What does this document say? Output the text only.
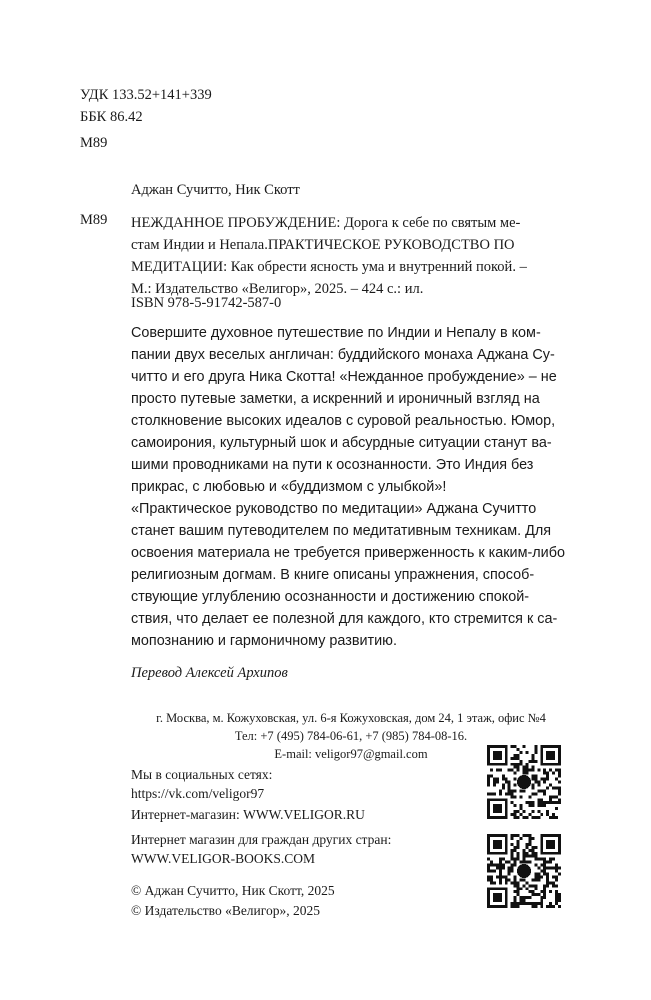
УДК 133.52+141+339
ББК 86.42
М89
Аджан Сучитто, Ник Скотт
М89 НЕЖДАННОЕ ПРОБУЖДЕНИЕ: Дорога к себе по святым ме-
стам Индии и Непала.ПРАКТИЧЕСКОЕ РУКОВОДСТВО ПО
МЕДИТАЦИИ: Как обрести ясность ума и внутренний покой. –
М.: Издательство «Велигор», 2025. – 424 с.: ил.
ISBN 978-5-91742-587-0
Совершите духовное путешествие по Индии и Непалу в ком-
пании двух веселых англичан: буддийского монаха Аджана Су-
читто и его друга Ника Скотта! «Нежданное пробуждение» – не
просто путевые заметки, а искренний и ироничный взгляд на
столкновение высоких идеалов с суровой реальностью. Юмор,
самоирония, культурный шок и абсурдные ситуации станут ва-
шими проводниками на пути к осознанности. Это Индия без
прикрас, с любовью и «буддизмом с улыбкой»!
«Практическое руководство по медитации» Аджана Сучитто
станет вашим путеводителем по медитативным техникам. Для
освоения материала не требуется приверженность к каким-либо
религиозным догмам. В книге описаны упражнения, способ-
ствующие углублению осознанности и достижению спокой-
ствия, что делает ее полезной для каждого, кто стремится к са-
мопознанию и гармоничному развитию.
Перевод Алексей Архипов
г. Москва, м. Кожуховская, ул. 6-я Кожуховская, дом 24, 1 этаж, офис №4
Тел: +7 (495) 784-06-61, +7 (985) 784-08-16.
E-mail: veligor97@gmail.com
Мы в социальных сетях:
https://vk.com/veligor97
Интернет-магазин: WWW.VELIGOR.RU
Интернет магазин для граждан других стран:
WWW.VELIGOR-BOOKS.COM
© Аджан Сучитто, Ник Скотт, 2025
© Издательство «Велигор», 2025
